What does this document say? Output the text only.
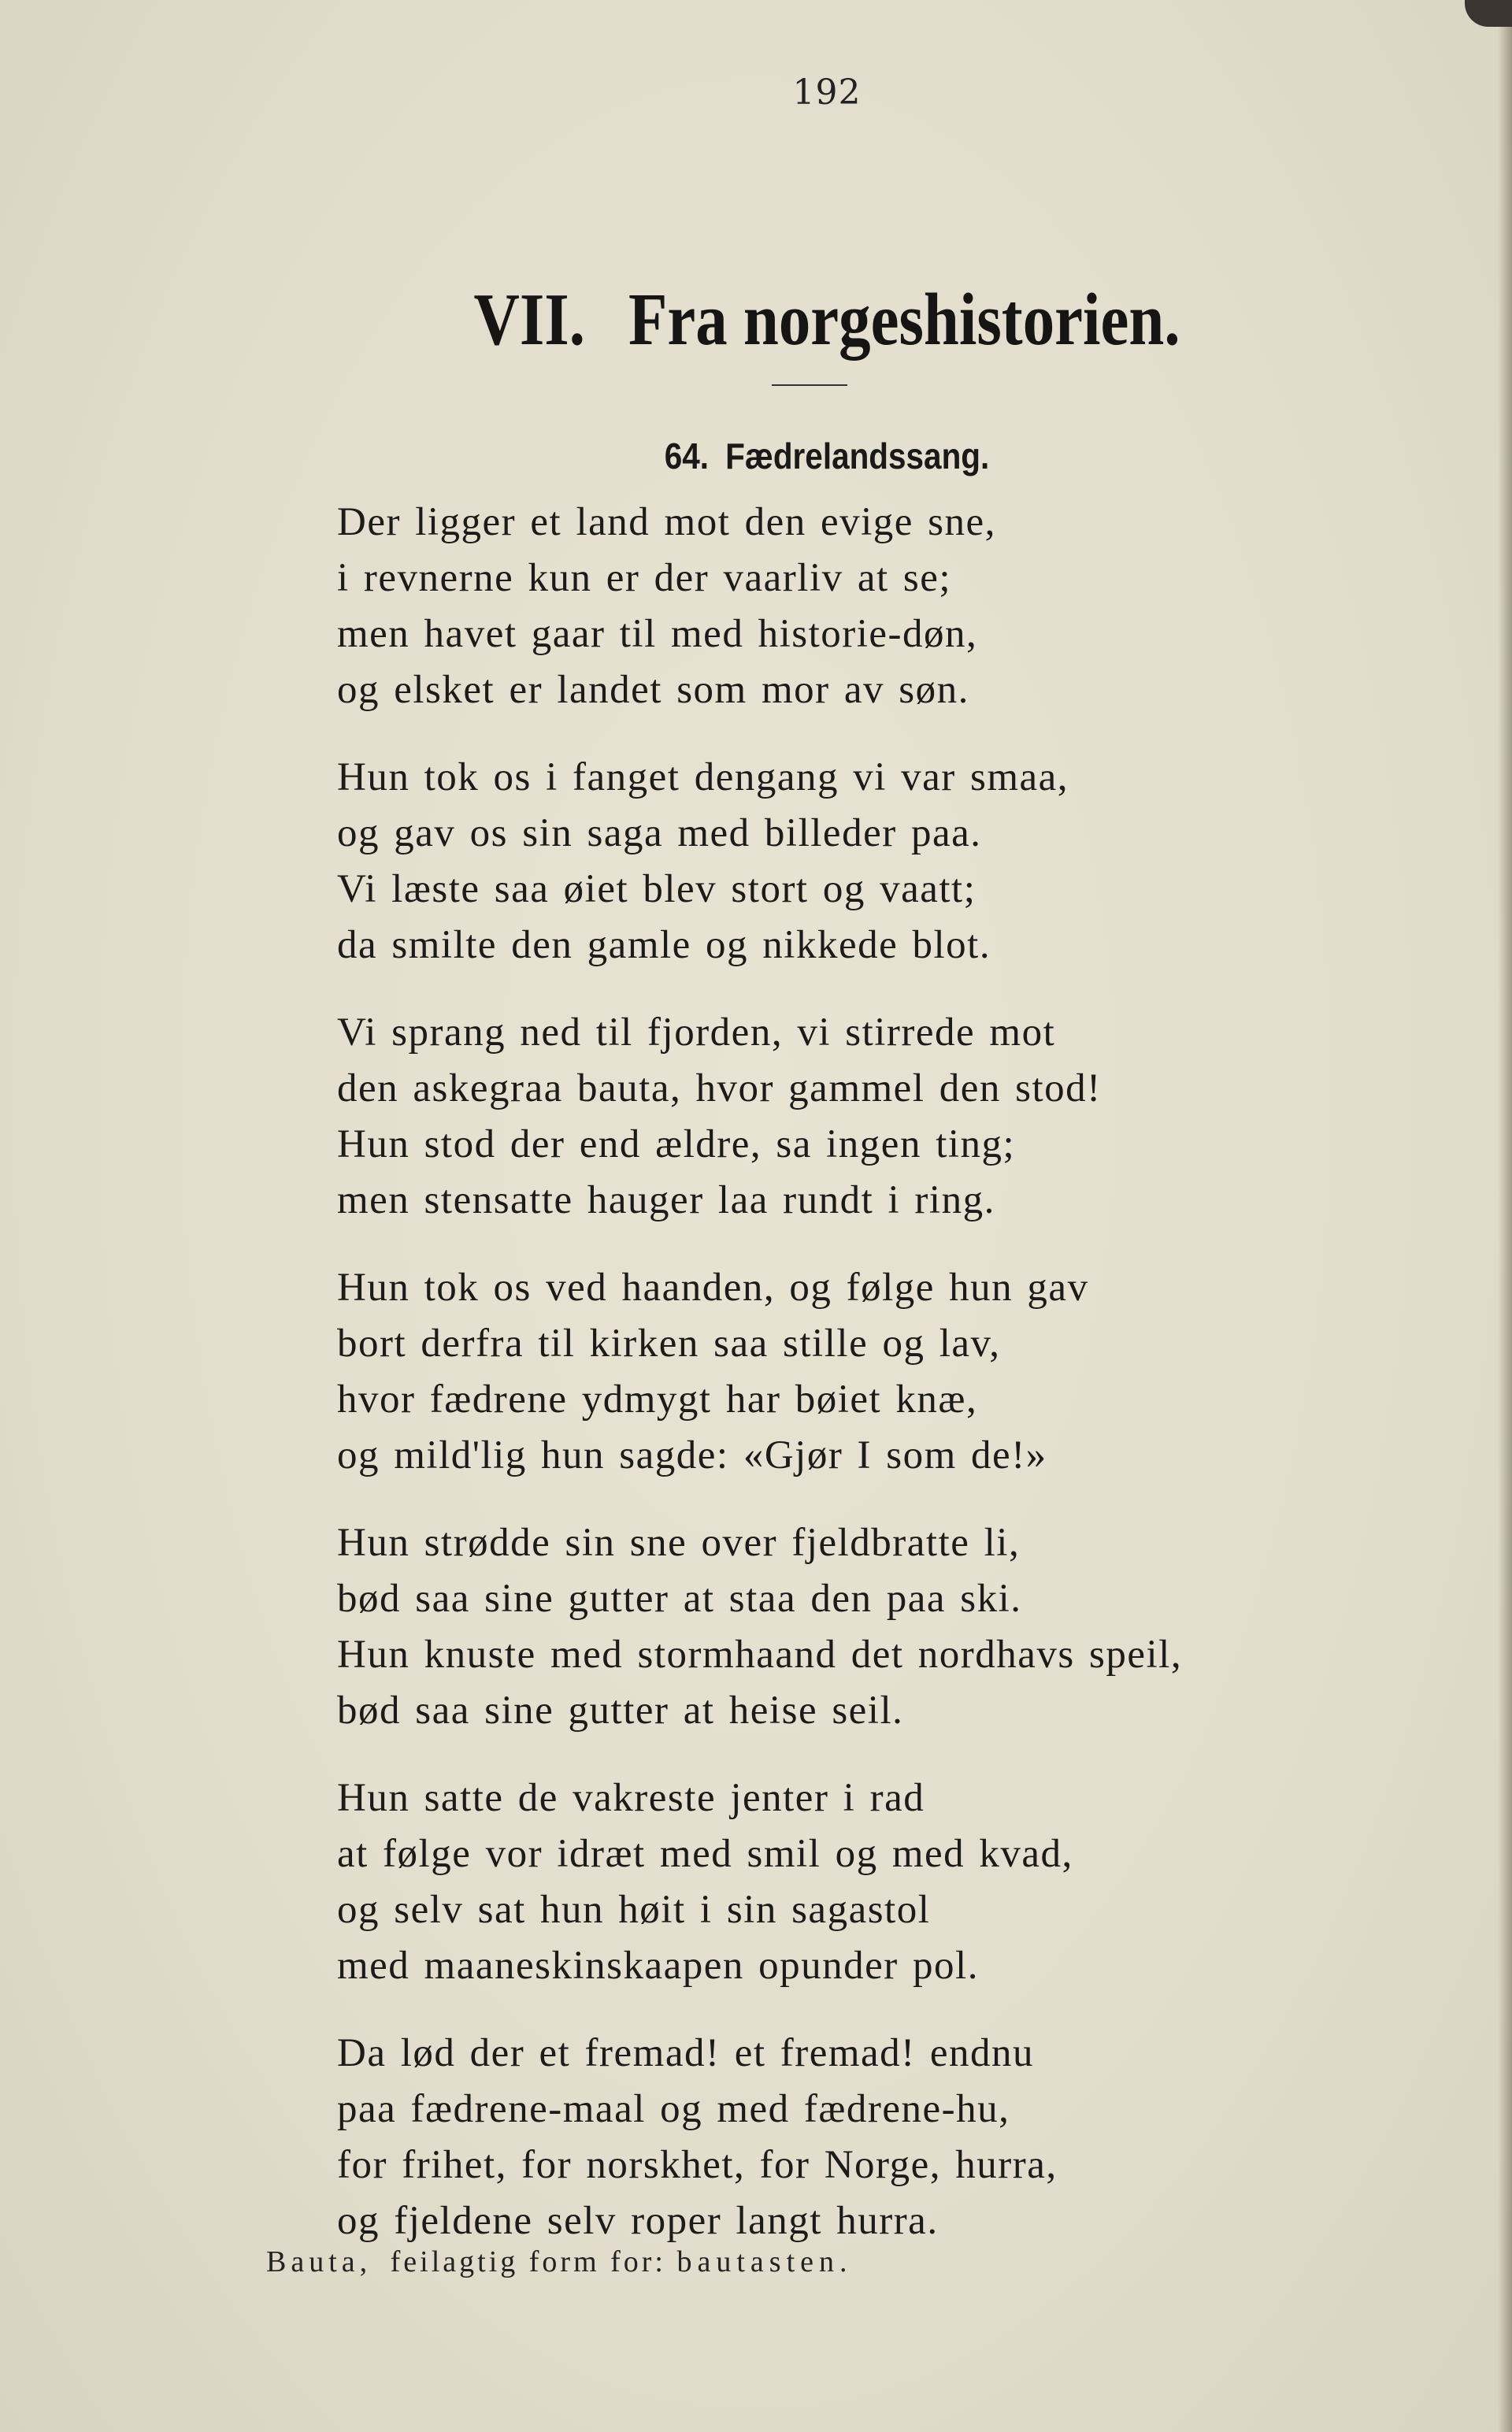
192
VII. Fra norgeshistorien.
64. Fædrelandssang.
Der ligger et land mot den evige sne,
i revnerne kun er der vaarliv at se;
men havet gaar til med historie-døn,
og elsket er landet som mor av søn.
Hun tok os i fanget dengang vi var smaa,
og gav os sin saga med billeder paa.
Vi læste saa øiet blev stort og vaatt;
da smilte den gamle og nikkede blot.
Vi sprang ned til fjorden, vi stirrede mot
den askegraa bauta, hvor gammel den stod!
Hun stod der end ældre, sa ingen ting;
men stensatte hauger laa rundt i ring.
Hun tok os ved haanden, og følge hun gav
bort derfra til kirken saa stille og lav,
hvor fædrene ydmygt har bøiet knæ,
og mild'lig hun sagde: «Gjør I som de!»
Hun strødde sin sne over fjeldbratte li,
bød saa sine gutter at staa den paa ski.
Hun knuste med stormhaand det nordhavs speil,
bød saa sine gutter at heise seil.
Hun satte de vakreste jenter i rad
at følge vor idræt med smil og med kvad,
og selv sat hun høit i sin sagastol
med maaneskinskaapen opunder pol.
Da lød der et fremad! et fremad! endnu
paa fædrene-maal og med fædrene-hu,
for frihet, for norskhet, for Norge, hurra,
og fjeldene selv roper langt hurra.
Bauta, feilagtig form for: bautasten.
